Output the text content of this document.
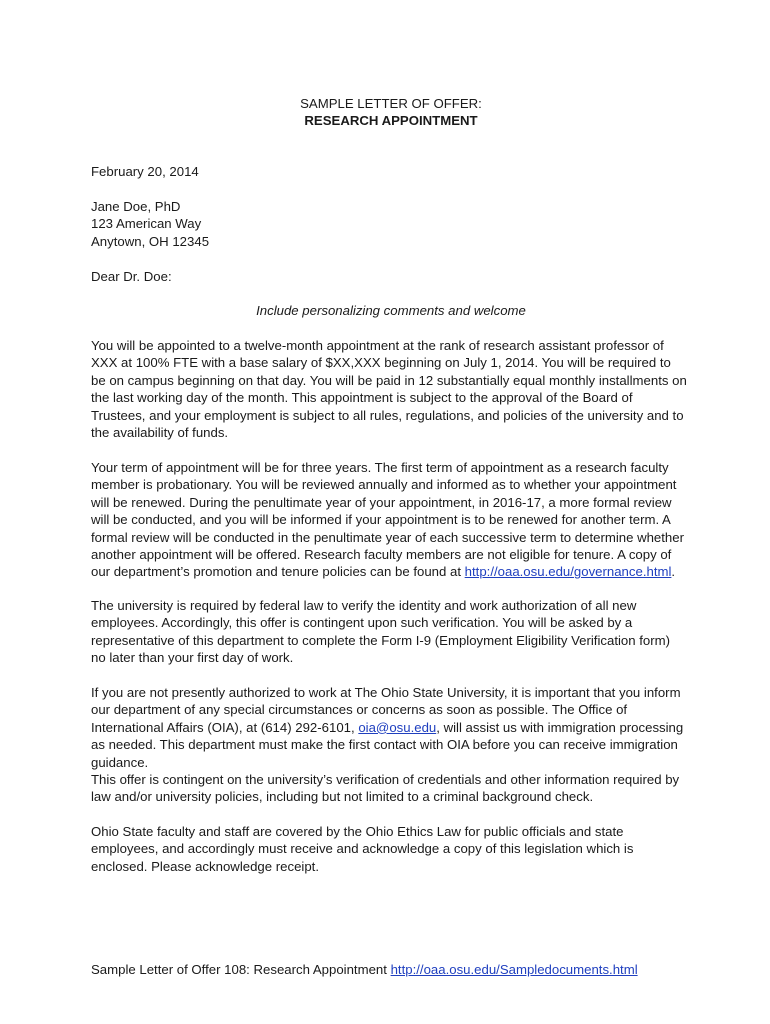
SAMPLE LETTER OF OFFER:
RESEARCH APPOINTMENT
February 20, 2014
Jane Doe, PhD
123 American Way
Anytown, OH 12345
Dear Dr. Doe:
Include personalizing comments and welcome
You will be appointed to a twelve-month appointment at the rank of research assistant professor of XXX at 100% FTE with a base salary of $XX,XXX beginning on July 1, 2014. You will be required to be on campus beginning on that day. You will be paid in 12 substantially equal monthly installments on the last working day of the month. This appointment is subject to the approval of the Board of Trustees, and your employment is subject to all rules, regulations, and policies of the university and to the availability of funds.
Your term of appointment will be for three years. The first term of appointment as a research faculty member is probationary. You will be reviewed annually and informed as to whether your appointment will be renewed. During the penultimate year of your appointment, in 2016-17, a more formal review will be conducted, and you will be informed if your appointment is to be renewed for another term. A formal review will be conducted in the penultimate year of each successive term to determine whether another appointment will be offered. Research faculty members are not eligible for tenure. A copy of our department’s promotion and tenure policies can be found at http://oaa.osu.edu/governance.html.
The university is required by federal law to verify the identity and work authorization of all new employees. Accordingly, this offer is contingent upon such verification. You will be asked by a representative of this department to complete the Form I-9 (Employment Eligibility Verification form) no later than your first day of work.
If you are not presently authorized to work at The Ohio State University, it is important that you inform our department of any special circumstances or concerns as soon as possible. The Office of International Affairs (OIA), at (614) 292-6101, oia@osu.edu, will assist us with immigration processing as needed. This department must make the first contact with OIA before you can receive immigration guidance.
This offer is contingent on the university’s verification of credentials and other information required by law and/or university policies, including but not limited to a criminal background check.
Ohio State faculty and staff are covered by the Ohio Ethics Law for public officials and state employees, and accordingly must receive and acknowledge a copy of this legislation which is enclosed. Please acknowledge receipt.
Sample Letter of Offer 108: Research Appointment http://oaa.osu.edu/Sampledocuments.html
